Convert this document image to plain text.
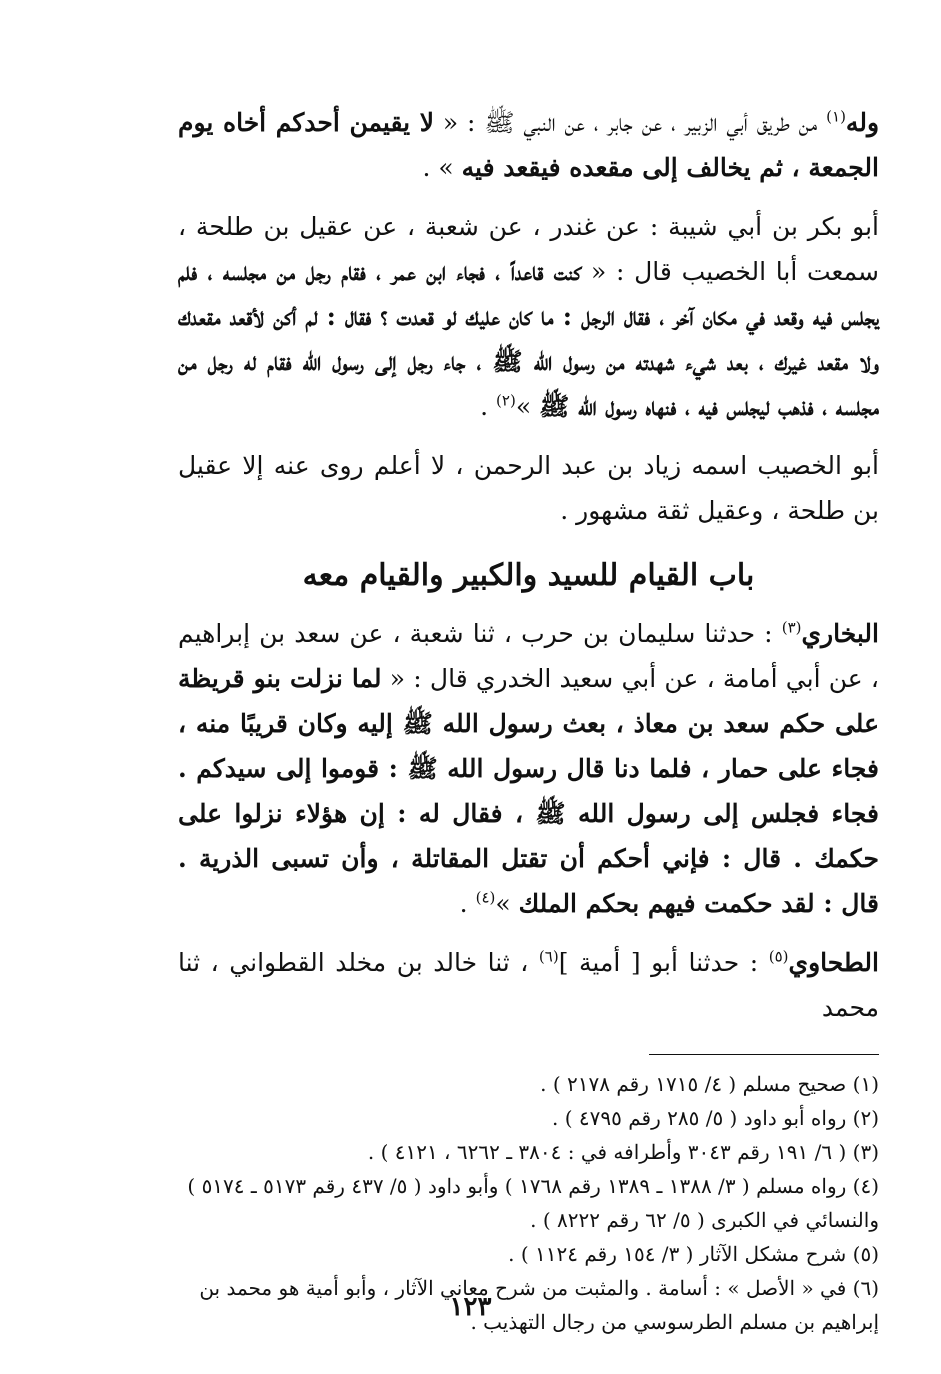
وله$^{(١)}$ من طريق أبي الزبير ، عن جابر ، عن النبي ﷺ : « لا يقيمن أحدكم أخاه يوم الجمعة ، ثم يخالف إلى مقعده فيقعد فيه » .

أبو بكر بن أبي شيبة : عن غندر ، عن شعبة ، عن عقيل بن طلحة ، سمعت أبا الخصيب قال : « كنت قاعداً ، فجاء ابن عمر ، فقام رجل من مجلسه ، فلم يجلس فيه وقعد في مكان آخر ، فقال الرجل : ما كان عليك لو قعدت ؟ فقال : لم أكن لأقعد مقعدك ولا مقعد غيرك ، بعد شيء شهدته من رسول الله ﷺ ، جاء رجل إلى رسول الله فقام له رجل من مجلسه ، فذهب ليجلس فيه ، فنهاه رسول الله ﷺ »$^{(٢)}$ .

أبو الخصيب اسمه زياد بن عبد الرحمن ، لا أعلم روى عنه إلا عقيل بن طلحة ، وعقيل ثقة مشهور .

باب القيام للسيد والكبير والقيام معه

البخاري$^{(٣)}$ : حدثنا سليمان بن حرب ، ثنا شعبة ، عن سعد بن إبراهيم ، عن أبي أمامة ، عن أبي سعيد الخدري قال : « لما نزلت بنو قريظة على حكم سعد بن معاذ ، بعث رسول الله ﷺ إليه وكان قريبًا منه ، فجاء على حمار ، فلما دنا قال رسول الله ﷺ : قوموا إلى سيدكم . فجاء فجلس إلى رسول الله ﷺ ، فقال له : إن هؤلاء نزلوا على حكمك . قال : فإني أحكم أن تقتل المقاتلة ، وأن تسبى الذرية . قال : لقد حكمت فيهم بحكم الملك »$^{(٤)}$ .

الطحاوي$^{(٥)}$ : حدثنا أبو [ أمية ]$^{(٦)}$ ، ثنا خالد بن مخلد القطواني ، ثنا محمد

(١) صحيح مسلم ( ٤/ ١٧١٥ رقم ٢١٧٨ ) .

(٢) رواه أبو داود ( ٥/ ٢٨٥ رقم ٤٧٩٥ ) .

(٣) ( ٦/ ١٩١ رقم ٣٠٤٣ وأطرافه في : ٣٨٠٤ ـ ٦٢٦٢ ، ٤١٢١ ) .

(٤) رواه مسلم ( ٣/ ١٣٨٨ ـ ١٣٨٩ رقم ١٧٦٨ ) وأبو داود ( ٥/ ٤٣٧ رقم ٥١٧٣ ـ ٥١٧٤ ) والنسائي في الكبرى ( ٥/ ٦٢ رقم ٨٢٢٢ ) .

(٥) شرح مشكل الآثار ( ٣/ ١٥٤ رقم ١١٢٤ ) .

(٦) في « الأصل » : أسامة . والمثبت من شرح معاني الآثار ، وأبو أمية هو محمد بن إبراهيم بن مسلم الطرسوسي من رجال التهذيب .

١٢٣
